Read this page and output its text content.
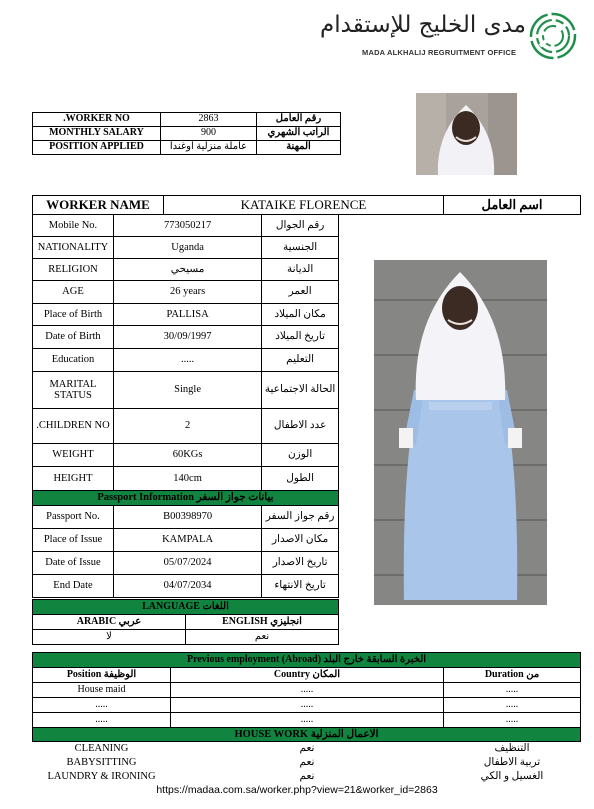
مدى الخليج للإستقدام
MADA ALKHALIJ REGRUITMENT OFFICE
.WORKER NO	2863	رقم العامل
MONTHLY SALARY	900	الراتب الشهري
POSITION APPLIED	عاملة منزلية اوغندا	المهنة
WORKER NAME	KATAIKE FLORENCE	اسم العامل
Mobile No.	773050217	رقم الجوال
NATIONALITY	Uganda	الجنسية
RELIGION	مسيحي	الديانة
AGE	26 years	العمر
Place of Birth	PALLISA	مكان الميلاد
Date of Birth	30/09/1997	تاريخ الميلاد
Education	.....	التعليم
MARITAL STATUS	Single	الحالة الاجتماعية
.CHILDREN NO	2	عدد الاطفال
WEIGHT	60KGs	الوزن
HEIGHT	140cm	الطول
Passport Information بيانات جواز السفر		
Passport No.	B00398970	رقم جواز السفر
Place of Issue	KAMPALA	مكان الاصدار
Date of Issue	05/07/2024	تاريخ الاصدار
End Date	04/07/2034	تاريخ الانتهاء
LANGUAGE اللغات	
ARABIC عربي	ENGLISH انجليزي
لا	نعم
Previous employment (Abroad) الخبرة السابقة خارج البلد		
Position الوظيفة	Country المكان	Duration من
House maid	.....	.....
.....	.....	.....
.....	.....	.....
HOUSE WORK الاعمال المنزلية		
CLEANING	نعم	التنظيف
BABYSITTING	نعم	تربية الاطفال
LAUNDRY & IRONING	نعم	الغسيل و الكي
https://madaa.com.sa/worker.php?view=21&worker_id=2863
